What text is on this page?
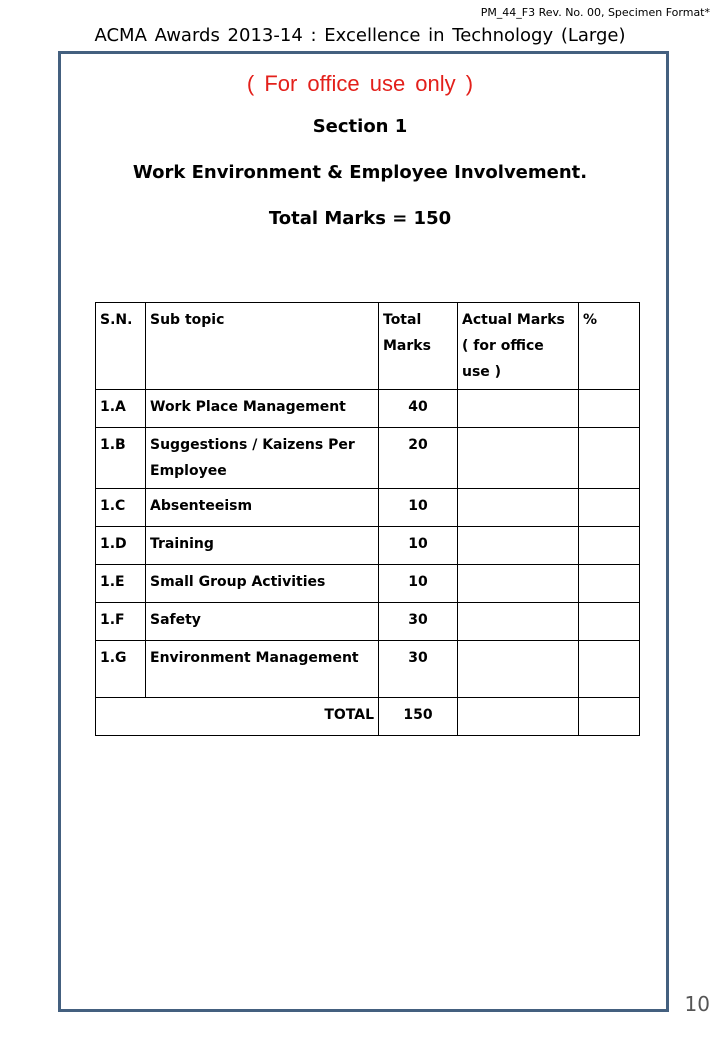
PM_44_F3 Rev. No. 00, Specimen Format*
ACMA Awards 2013-14 : Excellence in Technology (Large)
( For office use only )
Section 1
Work Environment & Employee Involvement.
Total Marks = 150
S.N.	Sub topic	Total Marks	Actual Marks ( for office use )	%
1.A	Work Place Management	40		
1.B	Suggestions / Kaizens Per Employee	20		
1.C	Absenteeism	10		
1.D	Training	10		
1.E	Small Group Activities	10		
1.F	Safety	30		
1.G	Environment Management	30		
TOTAL		150		
10
